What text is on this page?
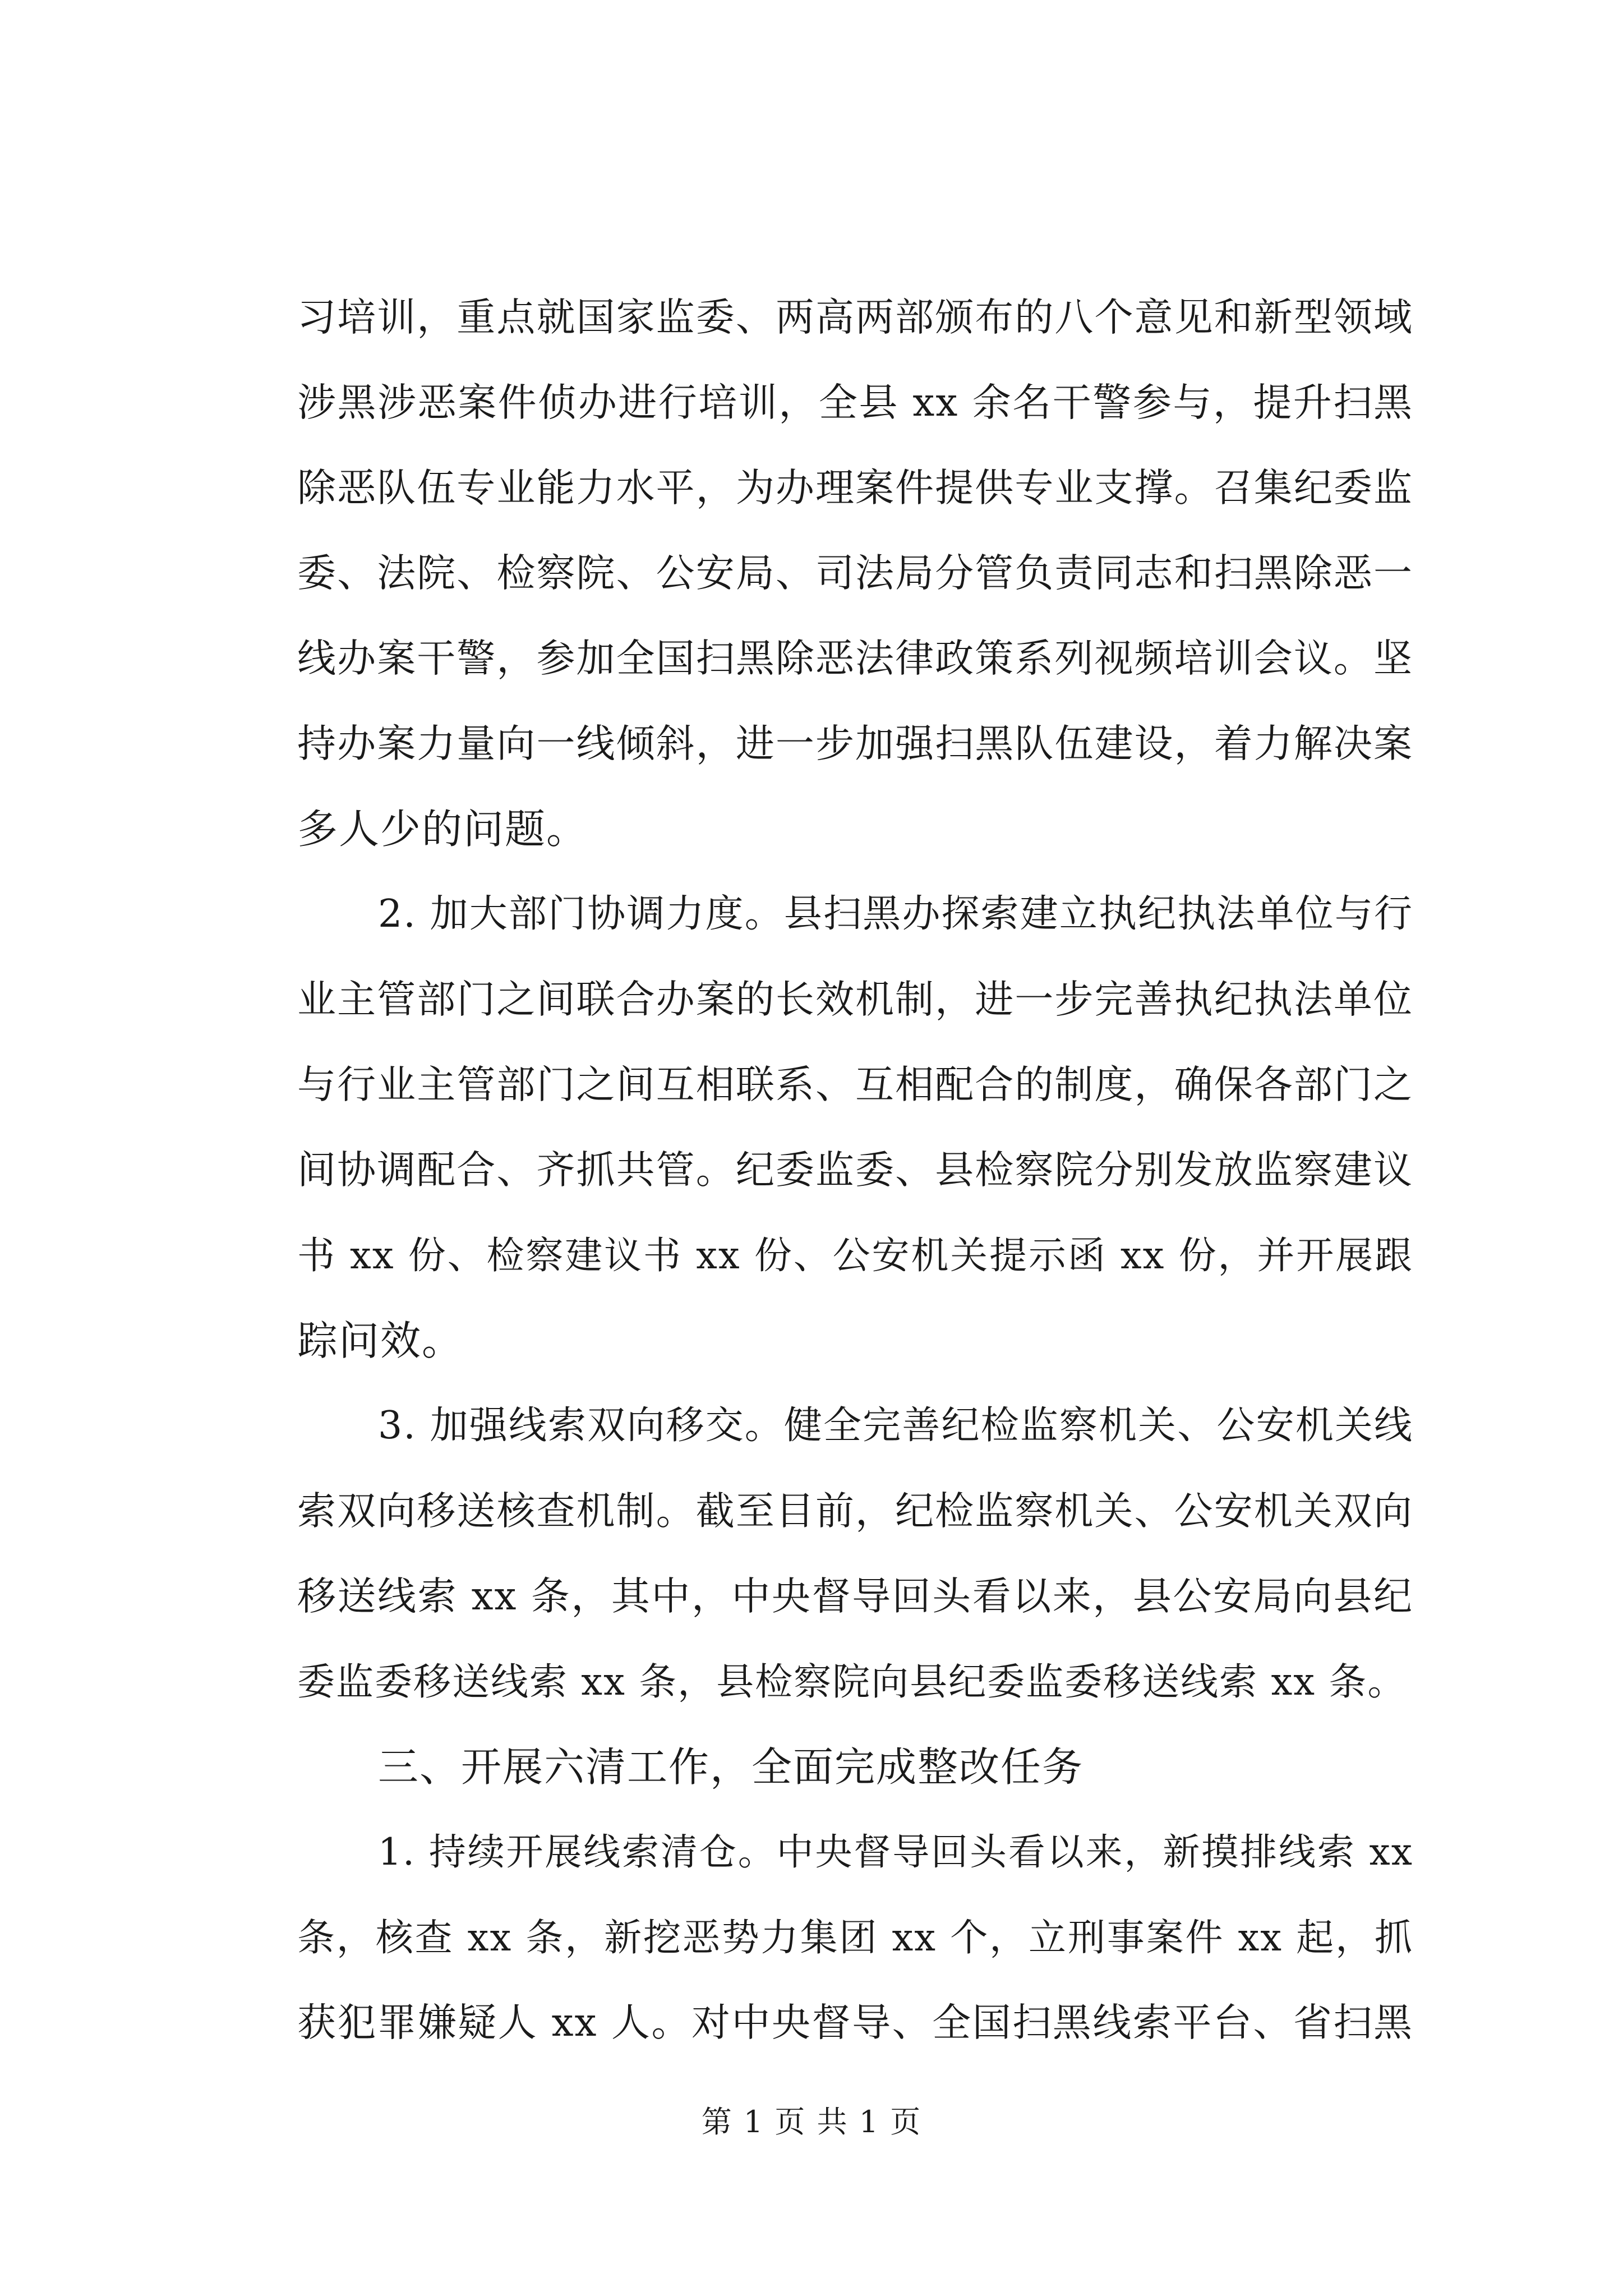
习培训，重点就国家监委、两高两部颁布的八个意见和新型领域
涉黑涉恶案件侦办进行培训，全县 xx 余名干警参与，提升扫黑
除恶队伍专业能力水平，为办理案件提供专业支撑。召集纪委监
委、法院、检察院、公安局、司法局分管负责同志和扫黑除恶一
线办案干警，参加全国扫黑除恶法律政策系列视频培训会议。坚
持办案力量向一线倾斜，进一步加强扫黑队伍建设，着力解决案
多人少的问题。
2. 加大部门协调力度。县扫黑办探索建立执纪执法单位与行
业主管部门之间联合办案的长效机制，进一步完善执纪执法单位
与行业主管部门之间互相联系、互相配合的制度，确保各部门之
间协调配合、齐抓共管。纪委监委、县检察院分别发放监察建议
书 xx 份、检察建议书 xx 份、公安机关提示函 xx 份，并开展跟
踪问效。
3. 加强线索双向移交。健全完善纪检监察机关、公安机关线
索双向移送核查机制。截至目前，纪检监察机关、公安机关双向
移送线索 xx 条，其中，中央督导回头看以来，县公安局向县纪
委监委移送线索 xx 条，县检察院向县纪委监委移送线索 xx 条。
三、开展六清工作，全面完成整改任务
1. 持续开展线索清仓。中央督导回头看以来，新摸排线索 xx
条，核查 xx 条，新挖恶势力集团 xx 个，立刑事案件 xx 起，抓
获犯罪嫌疑人 xx 人。对中央督导、全国扫黑线索平台、省扫黑
第 1 页 共 1 页
